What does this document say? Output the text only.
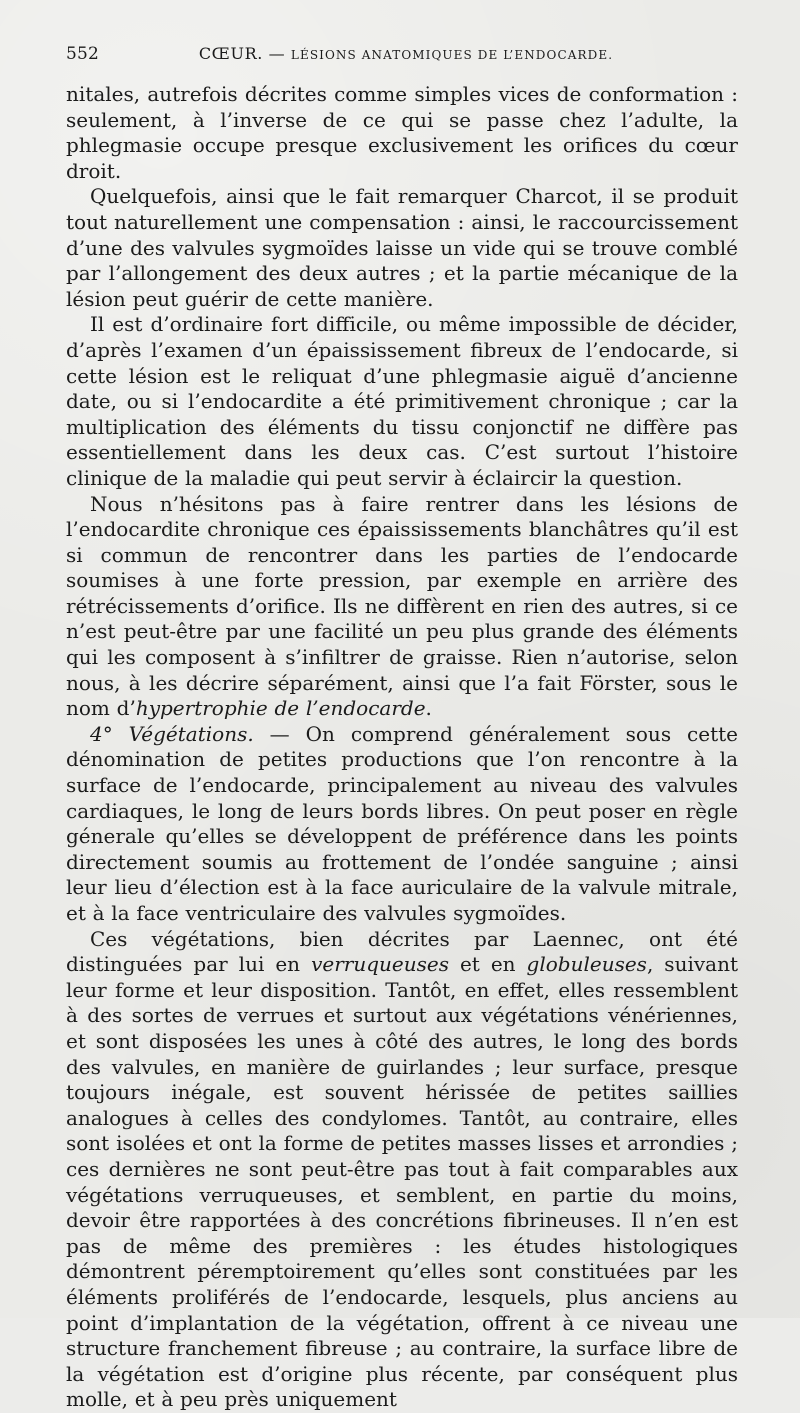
552	CŒUR. — LÉSIONS ANATOMIQUES DE L’ENDOCARDE.

nitales, autrefois décrites comme simples vices de conformation : seulement, à l’inverse de ce qui se passe chez l’adulte, la phlegmasie occupe presque exclusivement les orifices du cœur droit.

Quelquefois, ainsi que le fait remarquer Charcot, il se produit tout naturellement une compensation : ainsi, le raccourcissement d’une des valvules sygmoïdes laisse un vide qui se trouve comblé par l’allongement des deux autres ; et la partie mécanique de la lésion peut guérir de cette manière.

Il est d’ordinaire fort difficile, ou même impossible de décider, d’après l’examen d’un épaississement fibreux de l’endocarde, si cette lésion est le reliquat d’une phlegmasie aiguë d’ancienne date, ou si l’endocardite a été primitivement chronique ; car la multiplication des éléments du tissu conjonctif ne diffère pas essentiellement dans les deux cas. C’est surtout l’histoire clinique de la maladie qui peut servir à éclaircir la question.

Nous n’hésitons pas à faire rentrer dans les lésions de l’endocardite chronique ces épaississements blanchâtres qu’il est si commun de rencontrer dans les parties de l’endocarde soumises à une forte pression, par exemple en arrière des rétrécissements d’orifice. Ils ne diffèrent en rien des autres, si ce n’est peut-être par une facilité un peu plus grande des éléments qui les composent à s’infiltrer de graisse. Rien n’autorise, selon nous, à les décrire séparément, ainsi que l’a fait Förster, sous le nom d’hypertrophie de l’endocarde.

4° Végétations. — On comprend généralement sous cette dénomination de petites productions que l’on rencontre à la surface de l’endocarde, principalement au niveau des valvules cardiaques, le long de leurs bords libres. On peut poser en règle génerale qu’elles se développent de préférence dans les points directement soumis au frottement de l’ondée sanguine ; ainsi leur lieu d’élection est à la face auriculaire de la valvule mitrale, et à la face ventriculaire des valvules sygmoïdes.

Ces végétations, bien décrites par Laennec, ont été distinguées par lui en verruqueuses et en globuleuses, suivant leur forme et leur disposition. Tantôt, en effet, elles ressemblent à des sortes de verrues et surtout aux végétations vénériennes, et sont disposées les unes à côté des autres, le long des bords des valvules, en manière de guirlandes ; leur surface, presque toujours inégale, est souvent hérissée de petites saillies analogues à celles des condylomes. Tantôt, au contraire, elles sont isolées et ont la forme de petites masses lisses et arrondies ; ces dernières ne sont peut-être pas tout à fait comparables aux végétations verruqueuses, et semblent, en partie du moins, devoir être rapportées à des concrétions fibrineuses. Il n’en est pas de même des premières : les études histologiques démontrent péremptoirement qu’elles sont constituées par les éléments proliférés de l’endocarde, lesquels, plus anciens au point d’implantation de la végétation, offrent à ce niveau une structure franchement fibreuse ; au contraire, la surface libre de la végétation est d’origine plus récente, par conséquent plus molle, et à peu près uniquement
